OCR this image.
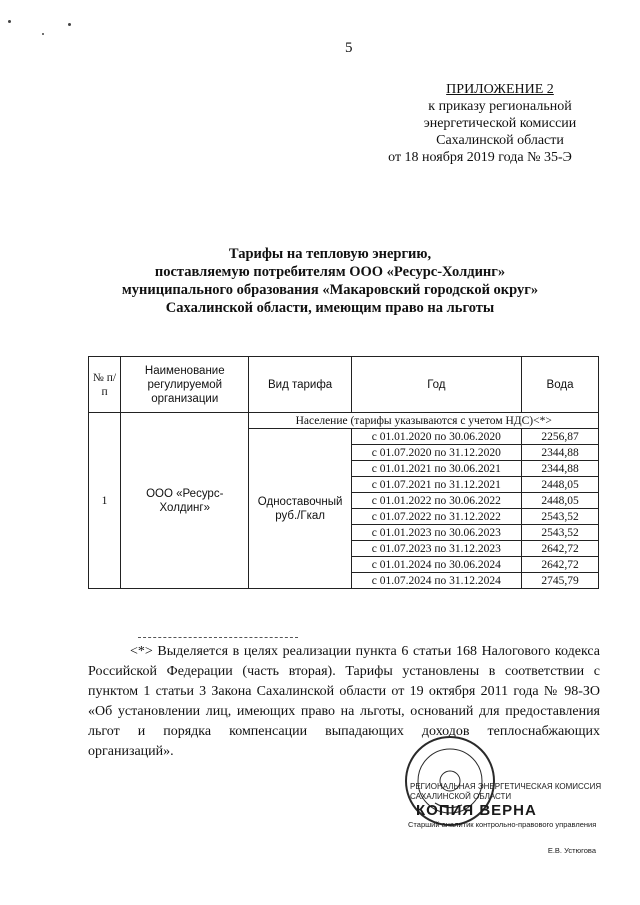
5
ПРИЛОЖЕНИЕ 2
к приказу региональной
энергетической комиссии
Сахалинской области
от 18 ноября 2019 года № 35-Э
Тарифы на тепловую энергию,
поставляемую потребителям ООО «Ресурс-Холдинг»
муниципального образования «Макаровский городской округ»
Сахалинской области, имеющим право на льготы
№ п/п	Наименование регулируемой организации	Вид тарифа	Год	Вода
1	ООО «Ресурс-Холдинг»	Население (тарифы указываются с учетом НДС)<*>		
		Одноставочный руб./Гкал	с 01.01.2020 по 30.06.2020	2256,87
			с 01.07.2020 по 31.12.2020	2344,88
			с 01.01.2021 по 30.06.2021	2344,88
			с 01.07.2021 по 31.12.2021	2448,05
			с 01.01.2022 по 30.06.2022	2448,05
			с 01.07.2022 по 31.12.2022	2543,52
			с 01.01.2023 по 30.06.2023	2543,52
			с 01.07.2023 по 31.12.2023	2642,72
			с 01.01.2024 по 30.06.2024	2642,72
			с 01.07.2024 по 31.12.2024	2745,79
<*> Выделяется в целях реализации пункта 6 статьи 168 Налогового кодекса Российской Федерации (часть вторая). Тарифы установлены в соответствии с пунктом 1 статьи 3 Закона Сахалинской области от 19 октября 2011 года № 98-ЗО «Об установлении лиц, имеющих право на льготы, оснований для предоставления льгот и порядка компенсации выпадающих доходов теплоснабжающих организаций».
РЕГИОНАЛЬНАЯ ЭНЕРГЕТИЧЕСКАЯ КОМИССИЯ САХАЛИНСКОЙ ОБЛАСТИ
КОПИЯ ВЕРНА
Старший аналитик контрольно-правового управления
Е.В. Устюгова
